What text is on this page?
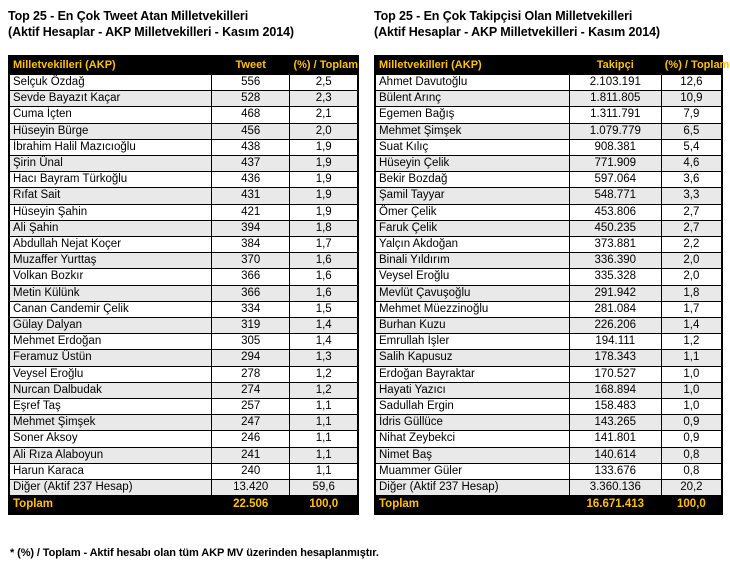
Top 25 - En Çok Tweet Atan Milletvekilleri
(Aktif Hesaplar - AKP Milletvekilleri - Kasım 2014)
Milletvekilleri (AKP)	Tweet	(%) / Toplam
Selçuk Özdağ	556	2,5
Sevde Bayazıt Kaçar	528	2,3
Cuma İçten	468	2,1
Hüseyin Bürge	456	2,0
İbrahim Halil Mazıcıoğlu	438	1,9
Şirin Ünal	437	1,9
Hacı Bayram Türkoğlu	436	1,9
Rıfat Sait	431	1,9
Hüseyin Şahin	421	1,9
Ali Şahin	394	1,8
Abdullah Nejat Koçer	384	1,7
Muzaffer Yurttaş	370	1,6
Volkan Bozkır	366	1,6
Metin Külünk	366	1,6
Canan Candemir Çelik	334	1,5
Gülay Dalyan	319	1,4
Mehmet Erdoğan	305	1,4
Feramuz Üstün	294	1,3
Veysel Eroğlu	278	1,2
Nurcan Dalbudak	274	1,2
Eşref Taş	257	1,1
Mehmet Şimşek	247	1,1
Soner Aksoy	246	1,1
Ali Rıza Alaboyun	241	1,1
Harun Karaca	240	1,1
Diğer (Aktif 237 Hesap)	13.420	59,6
Toplam	22.506	100,0
Top 25 - En Çok Takipçisi Olan Milletvekilleri
(Aktif Hesaplar - AKP Milletvekilleri - Kasım 2014)
Milletvekilleri (AKP)	Takipçi	(%) / Toplam
Ahmet Davutoğlu	2.103.191	12,6
Bülent Arınç	1.811.805	10,9
Egemen Bağış	1.311.791	7,9
Mehmet Şimşek	1.079.779	6,5
Suat Kılıç	908.381	5,4
Hüseyin Çelik	771.909	4,6
Bekir Bozdağ	597.064	3,6
Şamil Tayyar	548.771	3,3
Ömer Çelik	453.806	2,7
Faruk Çelik	450.235	2,7
Yalçın Akdoğan	373.881	2,2
Binali Yıldırım	336.390	2,0
Veysel Eroğlu	335.328	2,0
Mevlüt Çavuşoğlu	291.942	1,8
Mehmet Müezzinoğlu	281.084	1,7
Burhan Kuzu	226.206	1,4
Emrullah İşler	194.111	1,2
Salih Kapusuz	178.343	1,1
Erdoğan Bayraktar	170.527	1,0
Hayati Yazıcı	168.894	1,0
Sadullah Ergin	158.483	1,0
İdris Güllüce	143.265	0,9
Nihat Zeybekci	141.801	0,9
Nimet Baş	140.614	0,8
Muammer Güler	133.676	0,8
Diğer (Aktif 237 Hesap)	3.360.136	20,2
Toplam	16.671.413	100,0
* (%) / Toplam - Aktif hesabı olan tüm AKP MV üzerinden hesaplanmıştır.
